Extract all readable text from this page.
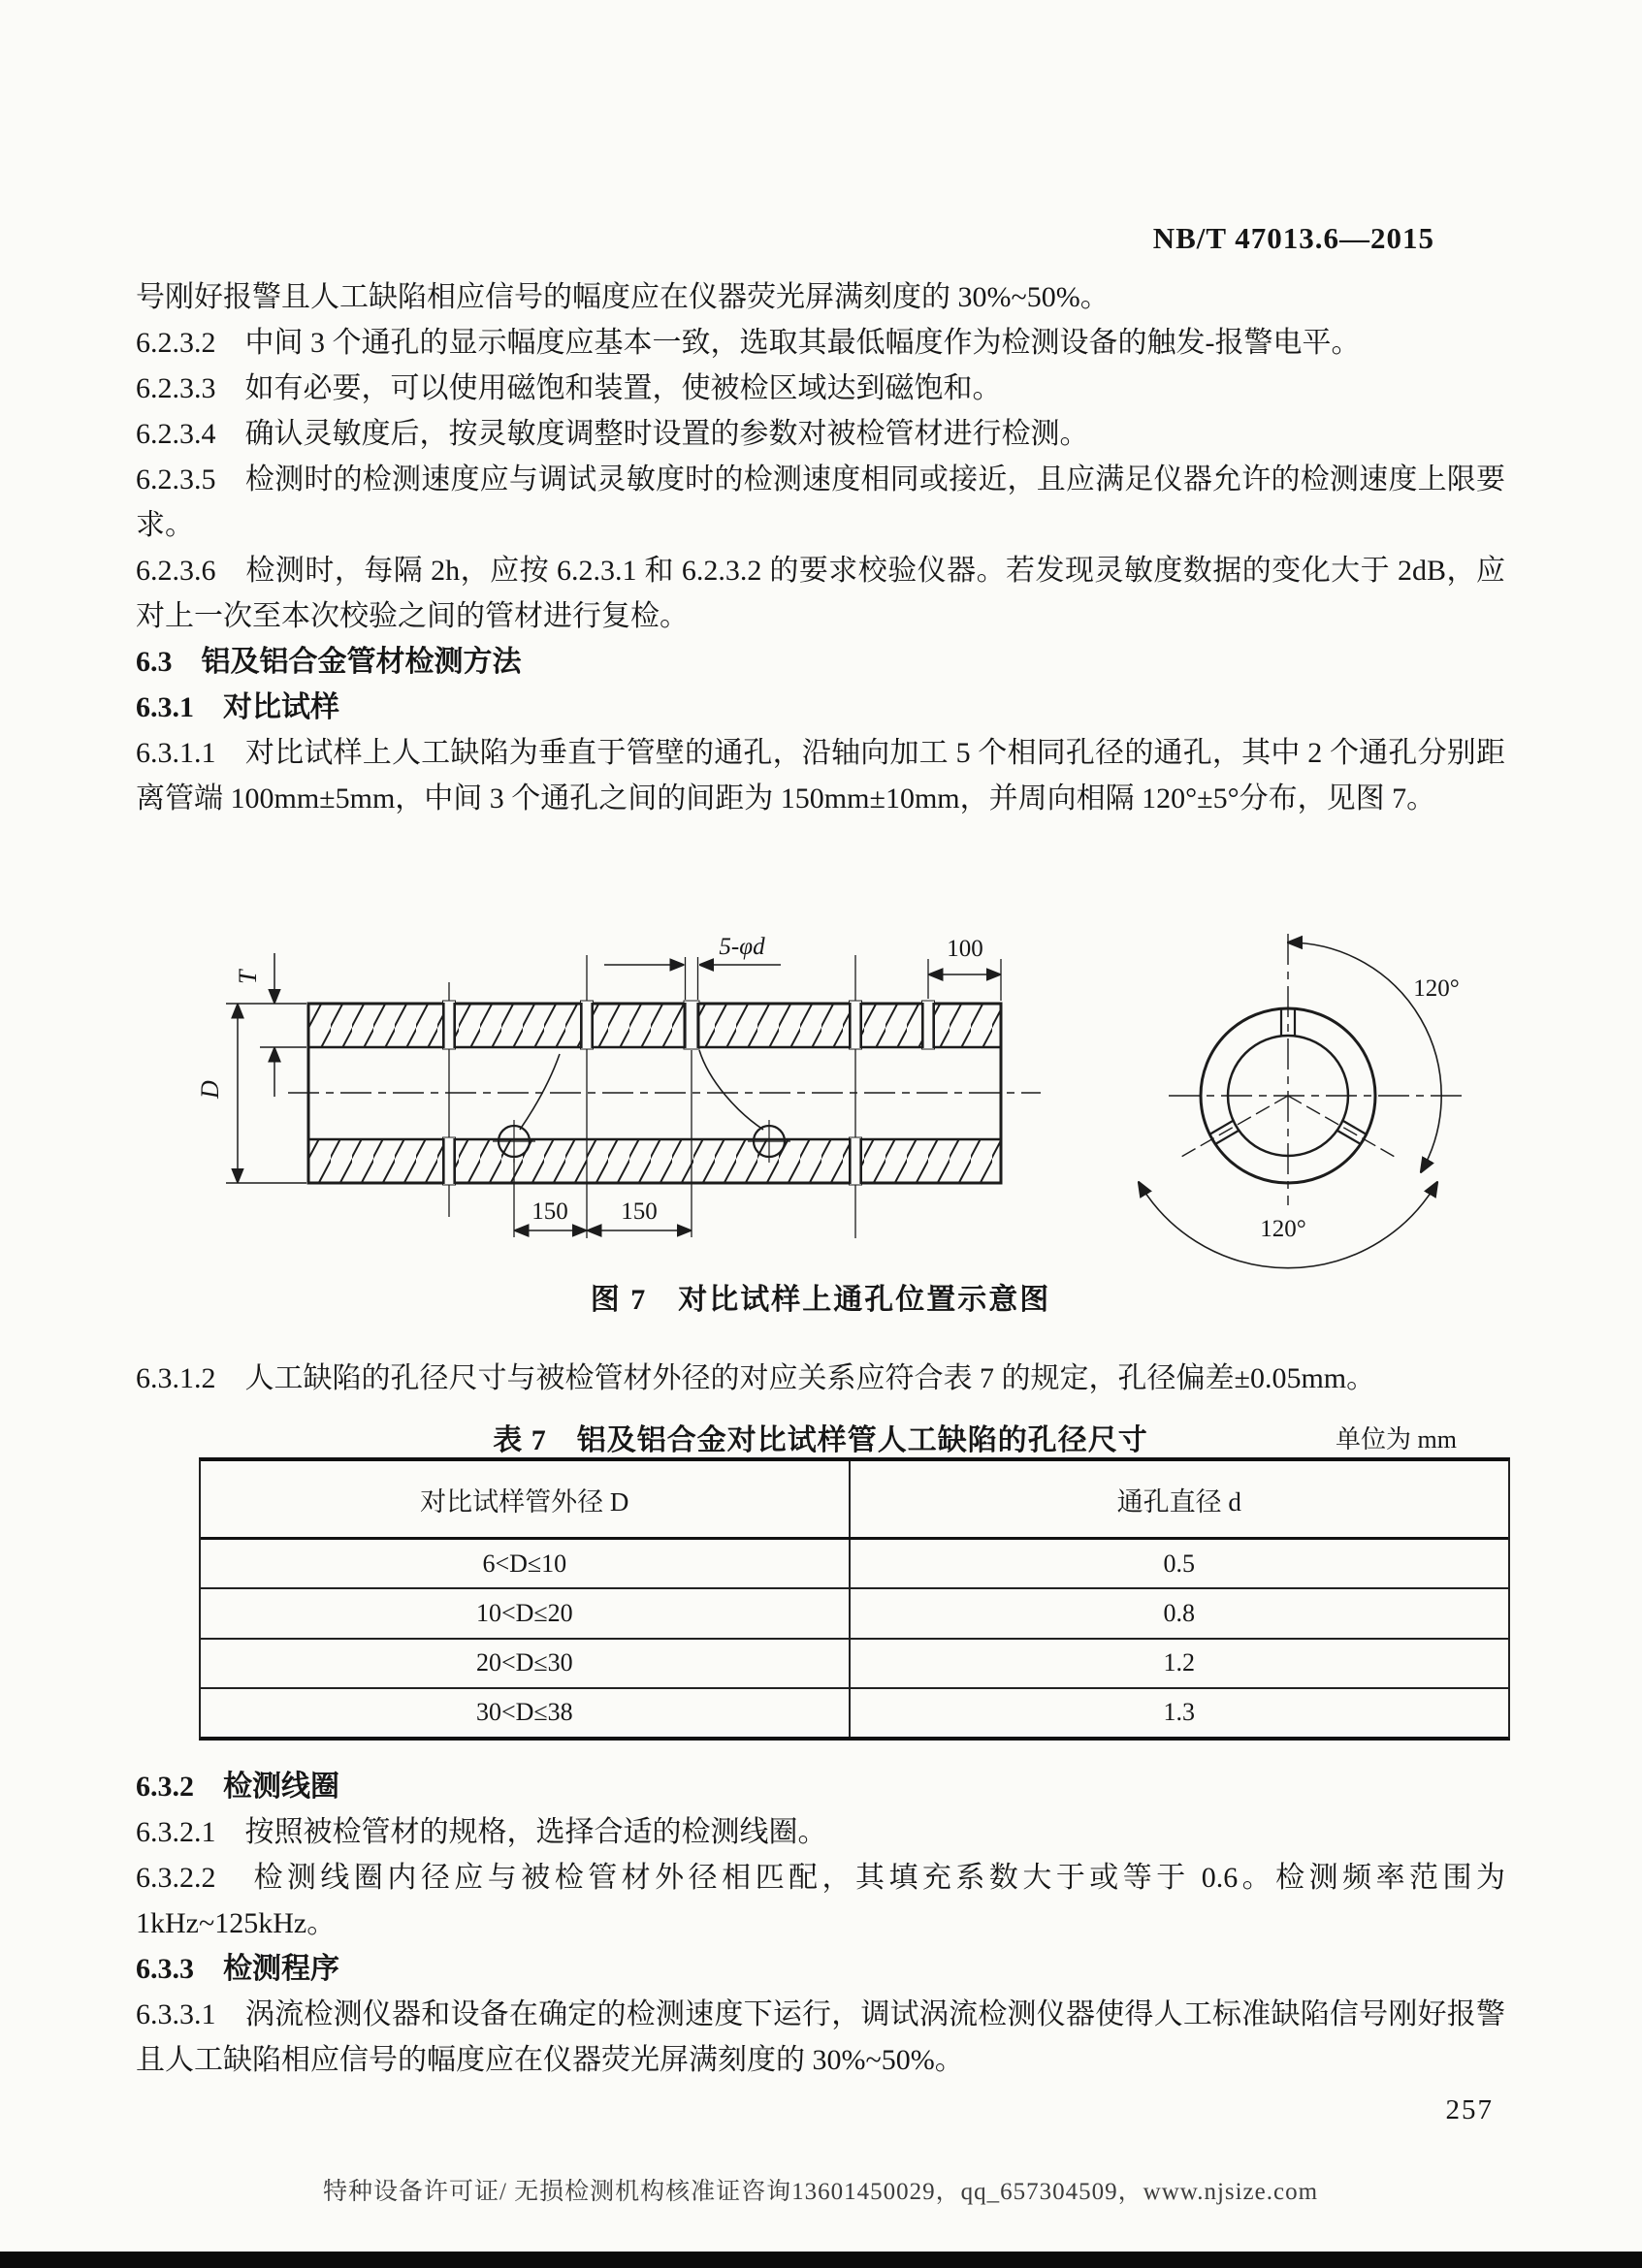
NB/T 47013.6—2015

号刚好报警且人工缺陷相应信号的幅度应在仪器荧光屏满刻度的 30%~50%。

6.2.3.2　中间 3 个通孔的显示幅度应基本一致，选取其最低幅度作为检测设备的触发-报警电平。

6.2.3.3　如有必要，可以使用磁饱和装置，使被检区域达到磁饱和。

6.2.3.4　确认灵敏度后，按灵敏度调整时设置的参数对被检管材进行检测。

6.2.3.5　检测时的检测速度应与调试灵敏度时的检测速度相同或接近，且应满足仪器允许的检测速度上限要求。

6.2.3.6　检测时，每隔 2h，应按 6.2.3.1 和 6.2.3.2 的要求校验仪器。若发现灵敏度数据的变化大于 2dB，应对上一次至本次校验之间的管材进行复检。

6.3　铝及铝合金管材检测方法

6.3.1　对比试样

6.3.1.1　对比试样上人工缺陷为垂直于管壁的通孔，沿轴向加工 5 个相同孔径的通孔，其中 2 个通孔分别距离管端 100mm±5mm，中间 3 个通孔之间的间距为 150mm±10mm，并周向相隔 120°±5°分布，见图 7。

D
T
5-φd	100
150 150
120°
120°
图 7　对比试样上通孔位置示意图

6.3.1.2　人工缺陷的孔径尺寸与被检管材外径的对应关系应符合表 7 的规定，孔径偏差±0.05mm。

表 7　铝及铝合金对比试样管人工缺陷的孔径尺寸	单位为 mm
对比试样管外径 D	通孔直径 d
6<D≤10	0.5
10<D≤20	0.8
20<D≤30	1.2
30<D≤38	1.3

6.3.2　检测线圈

6.3.2.1　按照被检管材的规格，选择合适的检测线圈。

6.3.2.2　检测线圈内径应与被检管材外径相匹配，其填充系数大于或等于 0.6。检测频率范围为 1kHz~125kHz。

6.3.3　检测程序

6.3.3.1　涡流检测仪器和设备在确定的检测速度下运行，调试涡流检测仪器使得人工标准缺陷信号刚好报警且人工缺陷相应信号的幅度应在仪器荧光屏满刻度的 30%~50%。

257
特种设备许可证/ 无损检测机构核准证咨询13601450029，qq_657304509，www.njsize.com
